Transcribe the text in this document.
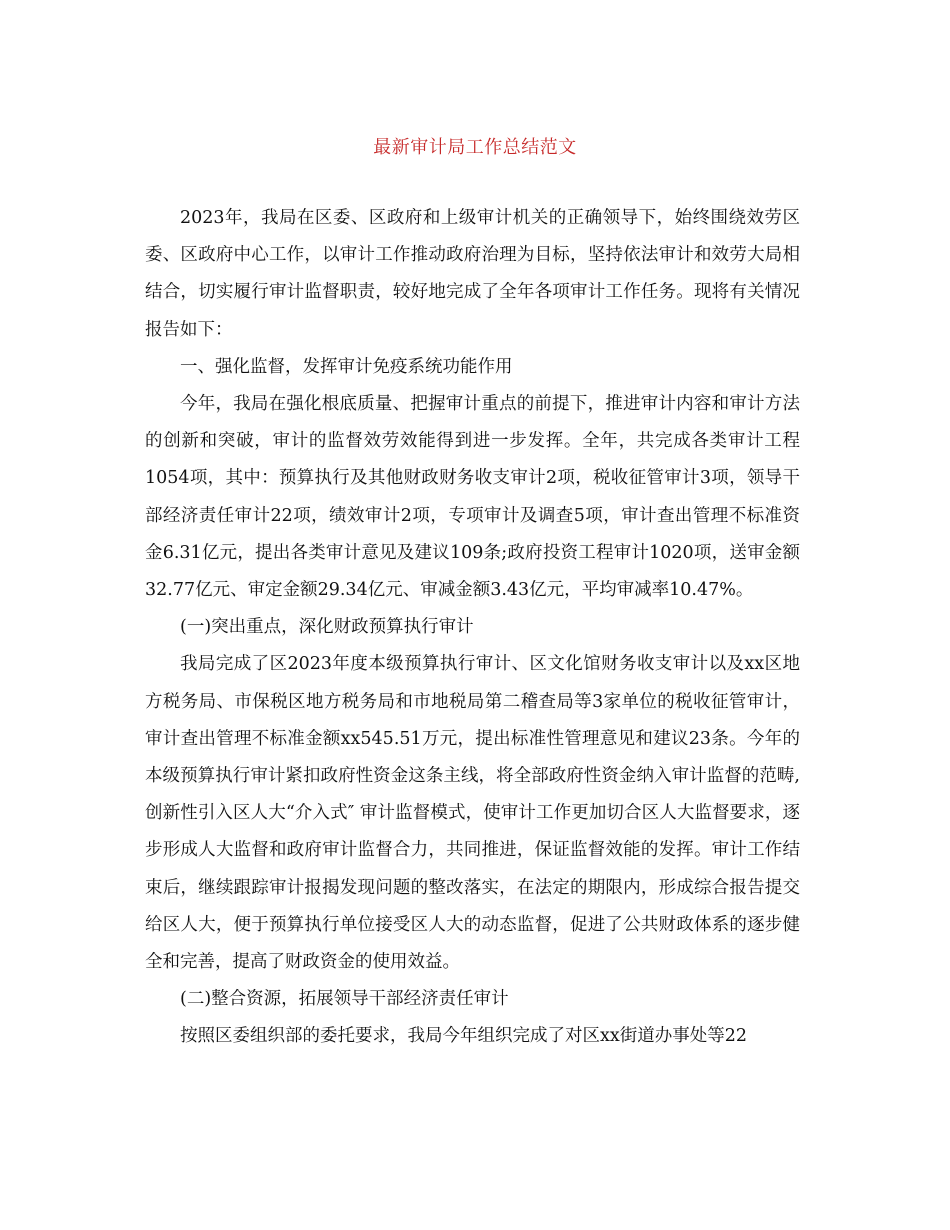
最新审计局工作总结范文

2023年，我局在区委、区政府和上级审计机关的正确领导下，始终围绕效劳区委、区政府中心工作，以审计工作推动政府治理为目标，坚持依法审计和效劳大局相结合，切实履行审计监督职责，较好地完成了全年各项审计工作任务。现将有关情况报告如下：

一、强化监督，发挥审计免疫系统功能作用

今年，我局在强化根底质量、把握审计重点的前提下，推进审计内容和审计方法的创新和突破，审计的监督效劳效能得到进一步发挥。全年，共完成各类审计工程1054项，其中：预算执行及其他财政财务收支审计2项，税收征管审计3项，领导干部经济责任审计22项，绩效审计2项，专项审计及调查5项，审计查出管理不标准资金6.31亿元，提出各类审计意见及建议109条;政府投资工程审计1020项，送审金额32.77亿元、审定金额29.34亿元、审减金额3.43亿元，平均审减率10.47%。

(一)突出重点，深化财政预算执行审计

我局完成了区2023年度本级预算执行审计、区文化馆财务收支审计以及xx区地方税务局、市保税区地方税务局和市地税局第二稽查局等3家单位的税收征管审计，审计查出管理不标准金额xx545.51万元，提出标准性管理意见和建议23条。今年的本级预算执行审计紧扣政府性资金这条主线，将全部政府性资金纳入审计监督的范畴,创新性引入区人大“介入式″ 审计监督模式，使审计工作更加切合区人大监督要求，逐步形成人大监督和政府审计监督合力，共同推进，保证监督效能的发挥。审计工作结束后，继续跟踪审计报揭发现问题的整改落实，在法定的期限内，形成综合报告提交给区人大，便于预算执行单位接受区人大的动态监督，促进了公共财政体系的逐步健全和完善，提高了财政资金的使用效益。

(二)整合资源，拓展领导干部经济责任审计

按照区委组织部的委托要求，我局今年组织完成了对区xx街道办事处等22
